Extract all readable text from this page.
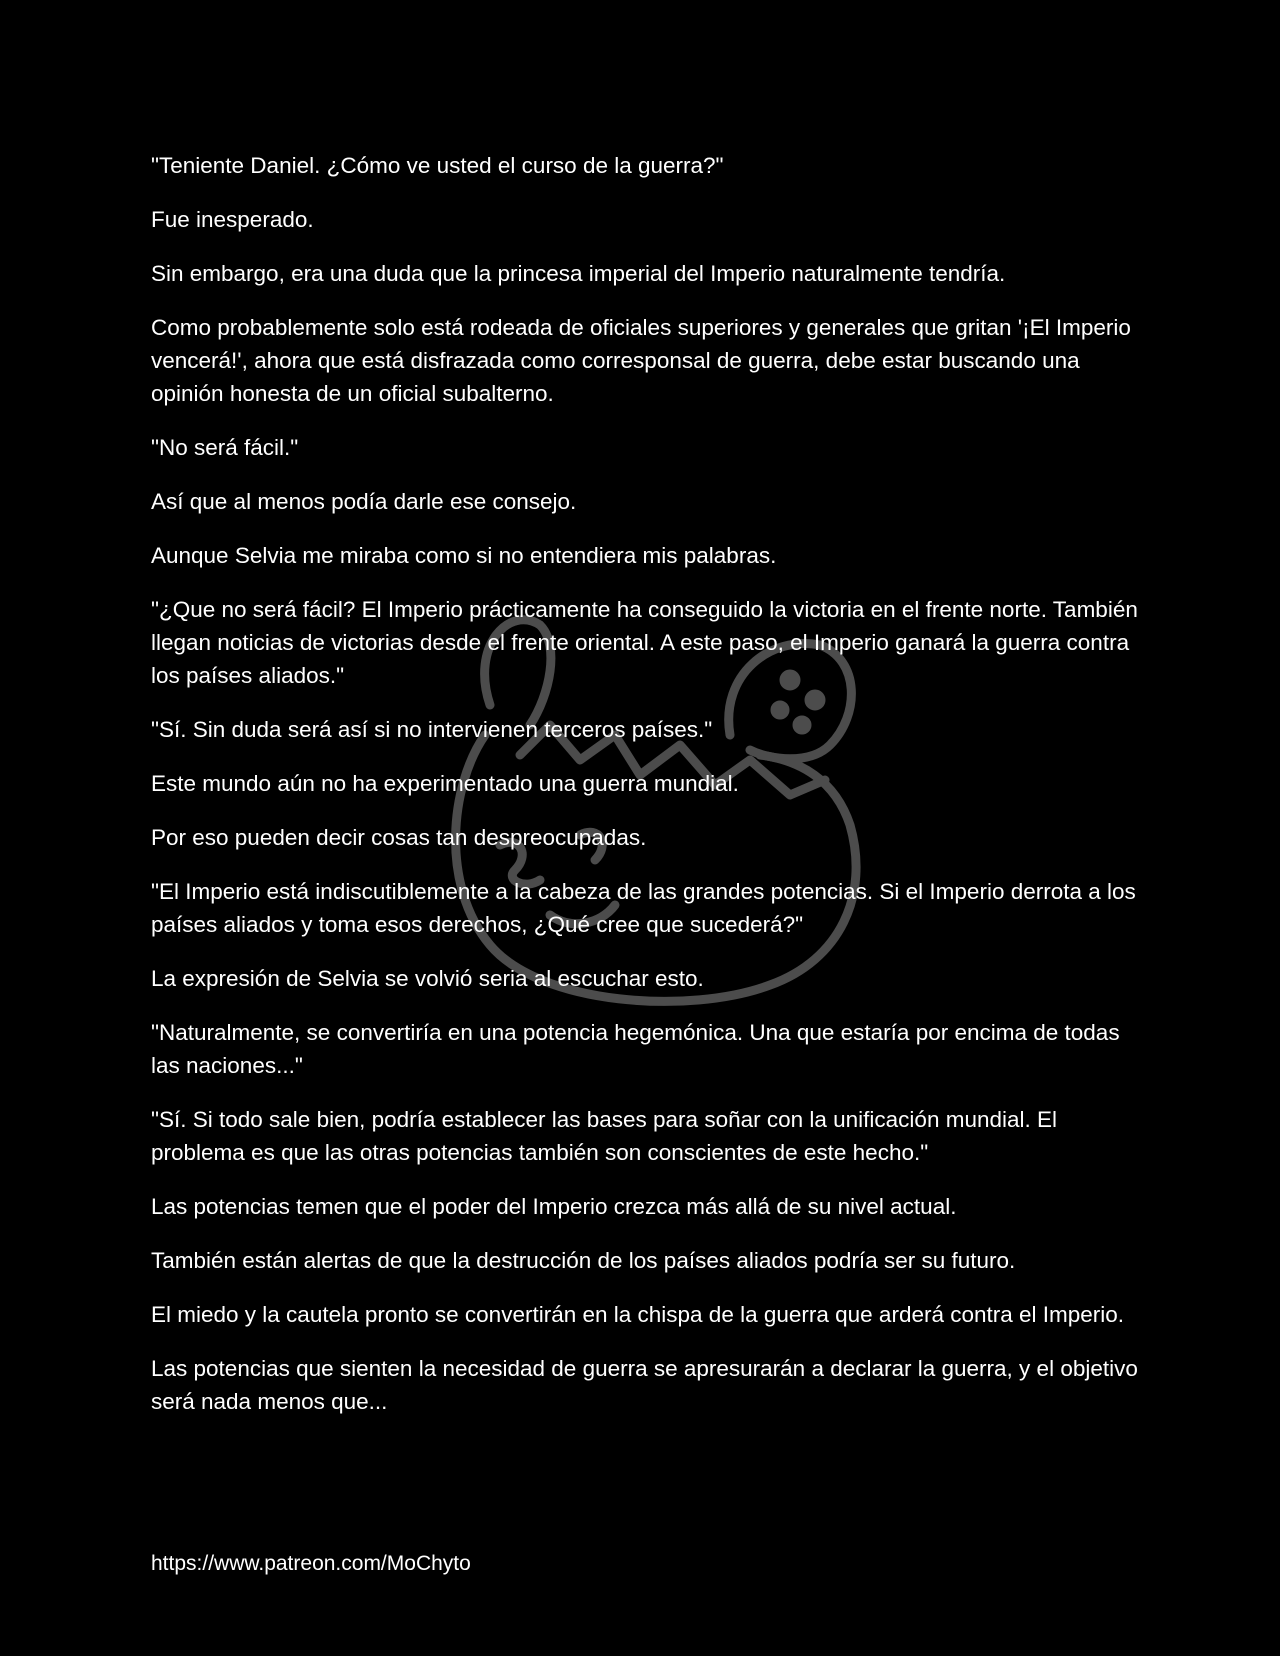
"Teniente Daniel. ¿Cómo ve usted el curso de la guerra?"

Fue inesperado.

Sin embargo, era una duda que la princesa imperial del Imperio naturalmente tendría.

Como probablemente solo está rodeada de oficiales superiores y generales que gritan '¡El Imperio vencerá!', ahora que está disfrazada como corresponsal de guerra, debe estar buscando una opinión honesta de un oficial subalterno.

"No será fácil."

Así que al menos podía darle ese consejo.

Aunque Selvia me miraba como si no entendiera mis palabras.

"¿Que no será fácil? El Imperio prácticamente ha conseguido la victoria en el frente norte. También llegan noticias de victorias desde el frente oriental. A este paso, el Imperio ganará la guerra contra los países aliados."

"Sí. Sin duda será así si no intervienen terceros países."

Este mundo aún no ha experimentado una guerra mundial.

Por eso pueden decir cosas tan despreocupadas.

"El Imperio está indiscutiblemente a la cabeza de las grandes potencias. Si el Imperio derrota a los países aliados y toma esos derechos, ¿Qué cree que sucederá?"

La expresión de Selvia se volvió seria al escuchar esto.

"Naturalmente, se convertiría en una potencia hegemónica. Una que estaría por encima de todas las naciones..."

"Sí. Si todo sale bien, podría establecer las bases para soñar con la unificación mundial. El problema es que las otras potencias también son conscientes de este hecho."

Las potencias temen que el poder del Imperio crezca más allá de su nivel actual.

También están alertas de que la destrucción de los países aliados podría ser su futuro.

El miedo y la cautela pronto se convertirán en la chispa de la guerra que arderá contra el Imperio.

Las potencias que sienten la necesidad de guerra se apresurarán a declarar la guerra, y el objetivo será nada menos que...

https://www.patreon.com/MoChyto
